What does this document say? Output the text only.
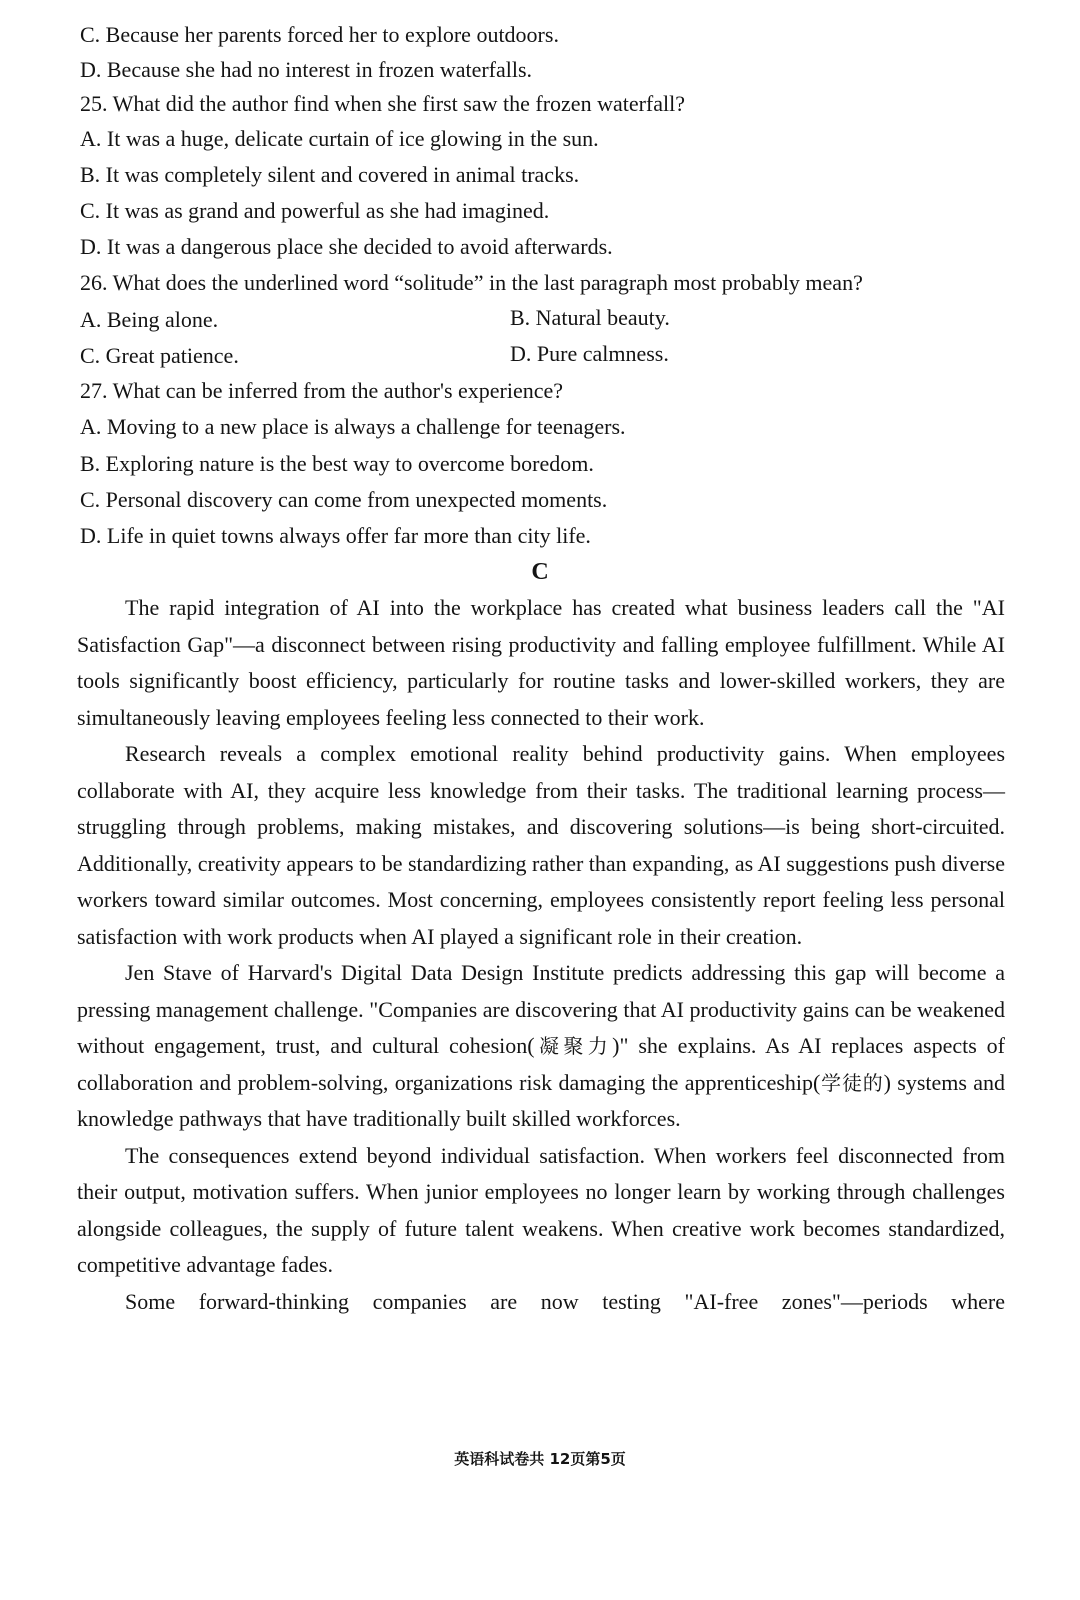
C. Because her parents forced her to explore outdoors.
D. Because she had no interest in frozen waterfalls.
25. What did the author find when she first saw the frozen waterfall?
A. It was a huge, delicate curtain of ice glowing in the sun.
B. It was completely silent and covered in animal tracks.
C. It was as grand and powerful as she had imagined.
D. It was a dangerous place she decided to avoid afterwards.
26. What does the underlined word “solitude” in the last paragraph most probably mean?
A. Being alone.	B. Natural beauty.
C. Great patience.	D. Pure calmness.
27. What can be inferred from the author's experience?
A. Moving to a new place is always a challenge for teenagers.
B. Exploring nature is the best way to overcome boredom.
C. Personal discovery can come from unexpected moments.
D. Life in quiet towns always offer far more than city life.
C

The rapid integration of AI into the workplace has created what business leaders call the "AI Satisfaction Gap"—a disconnect between rising productivity and falling employee fulfillment. While AI tools significantly boost efficiency, particularly for routine tasks and lower-skilled workers, they are simultaneously leaving employees feeling less connected to their work.

Research reveals a complex emotional reality behind productivity gains. When employees collaborate with AI, they acquire less knowledge from their tasks. The traditional learning process—struggling through problems, making mistakes, and discovering solutions—is being short-circuited. Additionally, creativity appears to be standardizing rather than expanding, as AI suggestions push diverse workers toward similar outcomes. Most concerning, employees consistently report feeling less personal satisfaction with work products when AI played a significant role in their creation.

Jen Stave of Harvard's Digital Data Design Institute predicts addressing this gap will become a pressing management challenge. "Companies are discovering that AI productivity gains can be weakened without engagement, trust, and cultural cohesion(凝聚力)" she explains. As AI replaces aspects of collaboration and problem-solving, organizations risk damaging the apprenticeship(学徒的) systems and knowledge pathways that have traditionally built skilled workforces.

The consequences extend beyond individual satisfaction. When workers feel disconnected from their output, motivation suffers. When junior employees no longer learn by working through challenges alongside colleagues, the supply of future talent weakens. When creative work becomes standardized, competitive advantage fades.

Some forward-thinking companies are now testing "AI-free zones"—periods where

英语科试卷共 12页第5页
